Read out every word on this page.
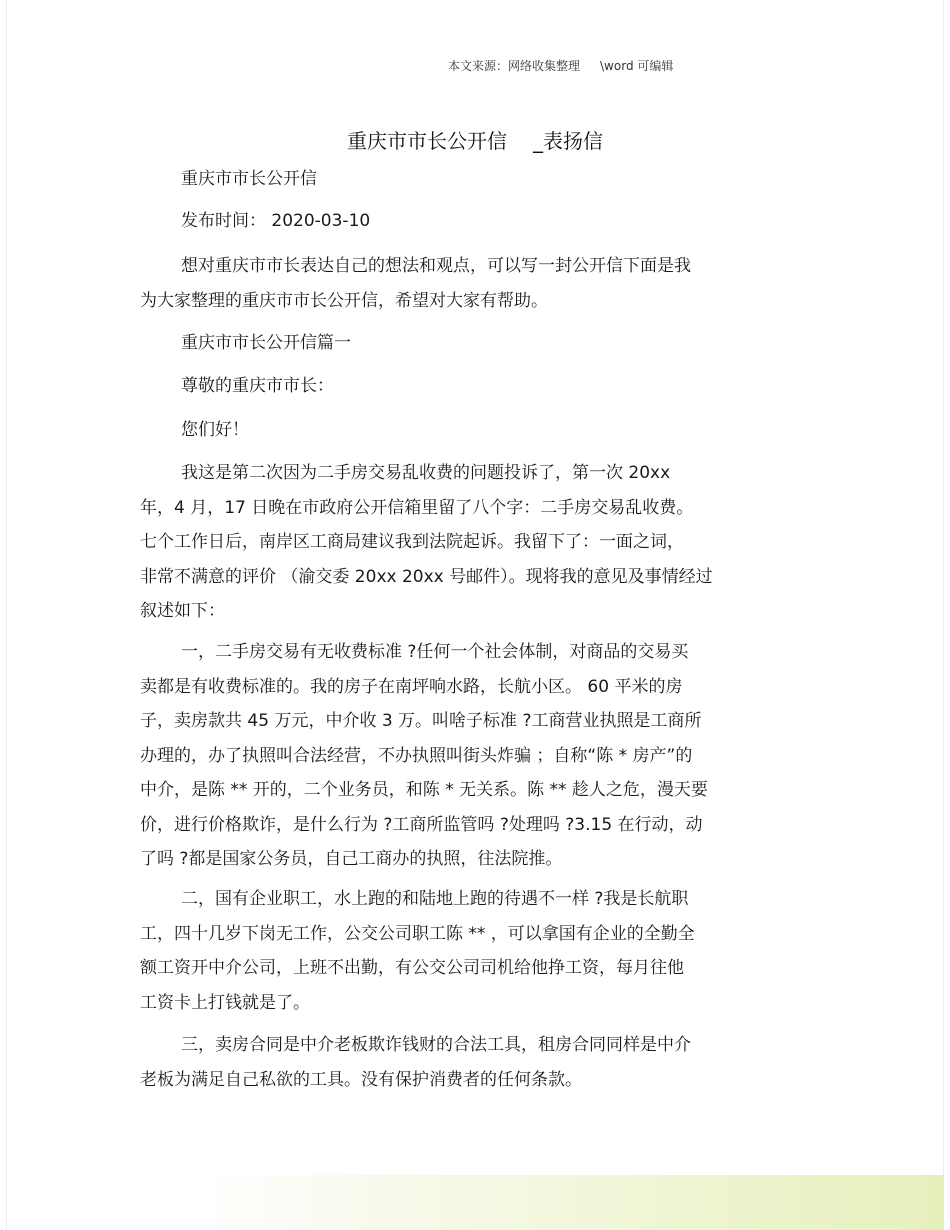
本文来源：网络收集整理 \word 可编辑
重庆市市长公开信 _表扬信
重庆市市长公开信
发布时间： 2020-03-10
想对重庆市市长表达自己的想法和观点，可以写一封公开信下面是我
为大家整理的重庆市市长公开信，希望对大家有帮助。
重庆市市长公开信篇一
尊敬的重庆市市长：
您们好！
我这是第二次因为二手房交易乱收费的问题投诉了，第一次 20xx
年，4 月，17 日晚在市政府公开信箱里留了八个字：二手房交易乱收费。
七个工作日后，南岸区工商局建议我到法院起诉。我留下了：一面之词，
非常不满意的评价 （渝交委 20xx 20xx 号邮件）。现将我的意见及事情经过
叙述如下：
一，二手房交易有无收费标准 ?任何一个社会体制，对商品的交易买
卖都是有收费标准的。我的房子在南坪响水路，长航小区。 60 平米的房
子，卖房款共 45 万元，中介收 3 万。叫啥子标准 ?工商营业执照是工商所
办理的，办了执照叫合法经营，不办执照叫街头炸骗 ；自称“陈 * 房产”的
中介，是陈 ** 开的，二个业务员，和陈 * 无关系。陈 ** 趁人之危，漫天要
价，进行价格欺诈，是什么行为 ?工商所监管吗 ?处理吗 ?3.15 在行动，动
了吗 ?都是国家公务员，自己工商办的执照，往法院推。
二，国有企业职工，水上跑的和陆地上跑的待遇不一样 ?我是长航职
工，四十几岁下岗无工作，公交公司职工陈 ** ，可以拿国有企业的全勤全
额工资开中介公司，上班不出勤，有公交公司司机给他挣工资，每月往他
工资卡上打钱就是了。
三，卖房合同是中介老板欺诈钱财的合法工具，租房合同同样是中介
老板为满足自己私欲的工具。没有保护消费者的任何条款。
